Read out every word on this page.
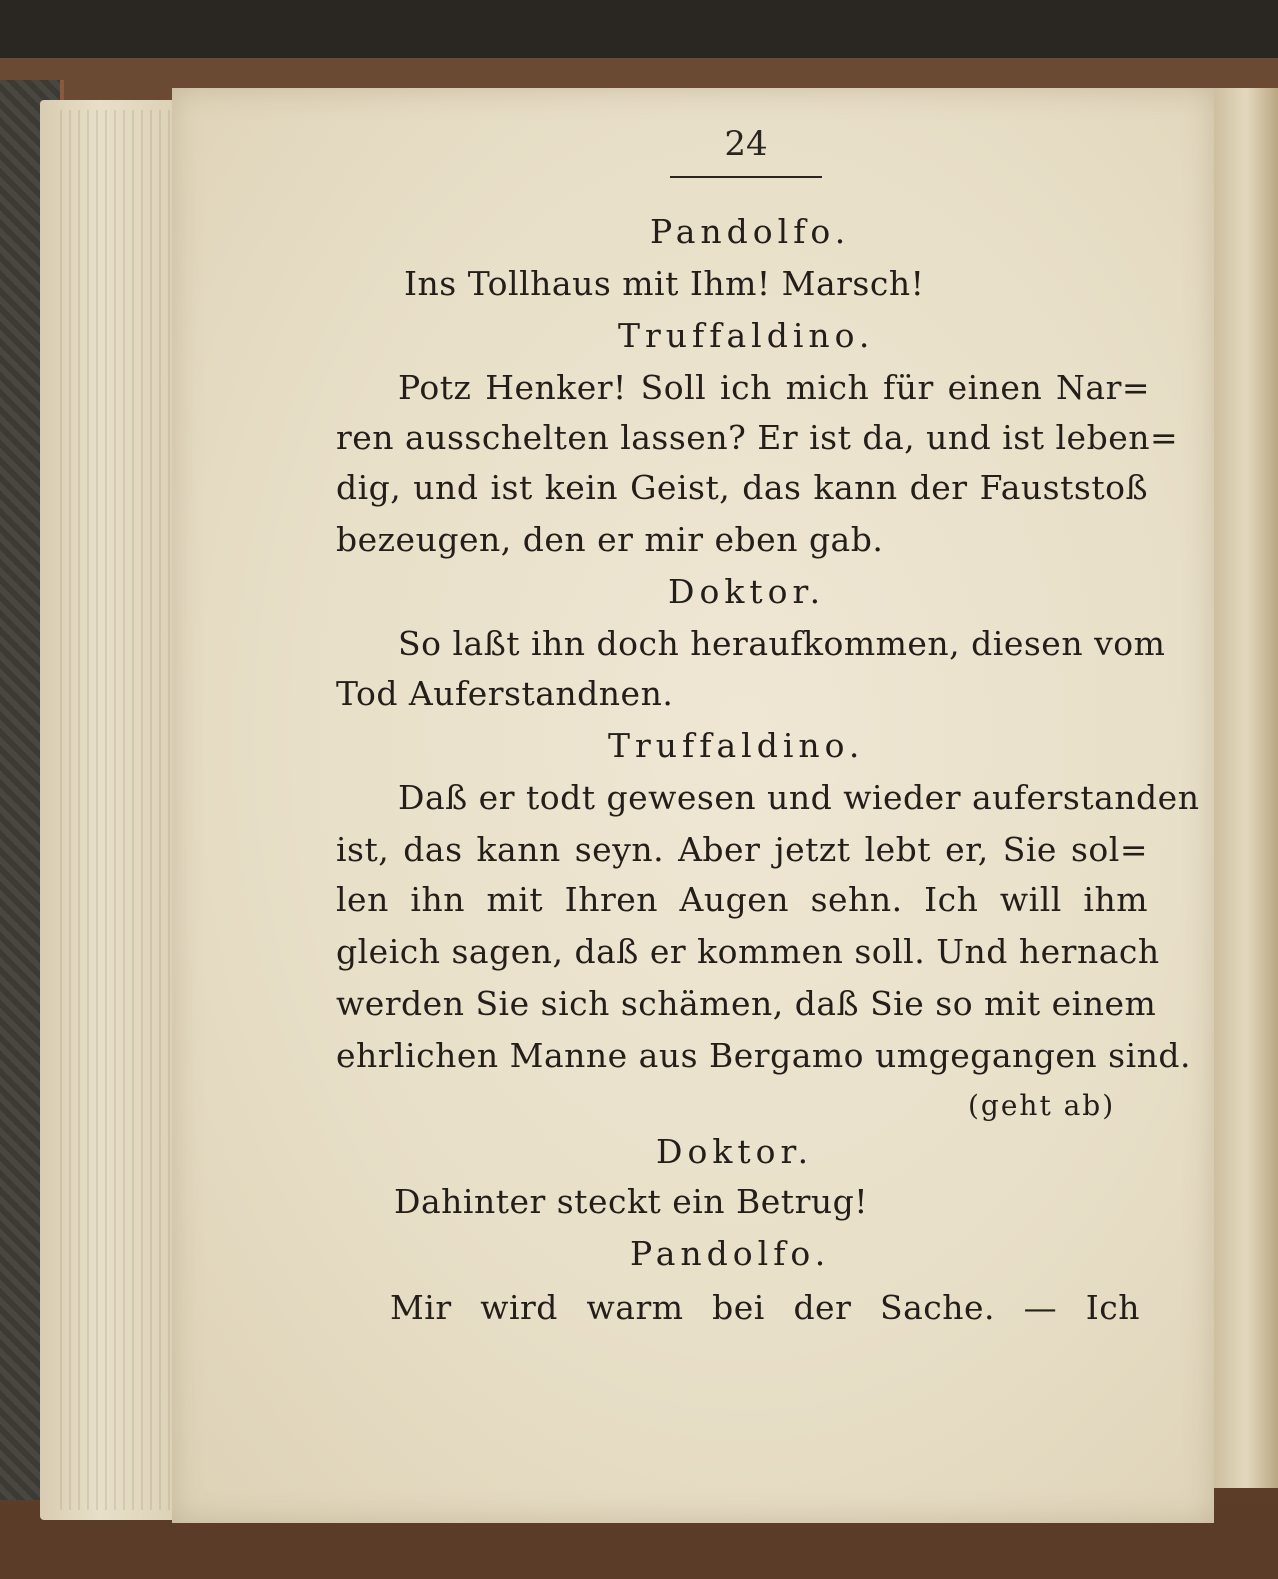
24
Pandolfo.
Ins Tollhaus mit Ihm! Marsch!
Truffaldino.
Potz Henker! Soll ich mich für einen Nar=
ren ausschelten lassen? Er ist da, und ist leben=
dig, und ist kein Geist, das kann der Fauststoß
bezeugen, den er mir eben gab.
Doktor.
So laßt ihn doch heraufkommen, diesen vom
Tod Auferstandnen.
Truffaldino.
Daß er todt gewesen und wieder auferstanden
ist, das kann seyn. Aber jetzt lebt er, Sie sol=
len ihn mit Ihren Augen sehn. Ich will ihm
gleich sagen, daß er kommen soll. Und hernach
werden Sie sich schämen, daß Sie so mit einem
ehrlichen Manne aus Bergamo umgegangen sind.
(geht ab)
Doktor.
Dahinter steckt ein Betrug!
Pandolfo.
Mir wird warm bei der Sache. — Ich
